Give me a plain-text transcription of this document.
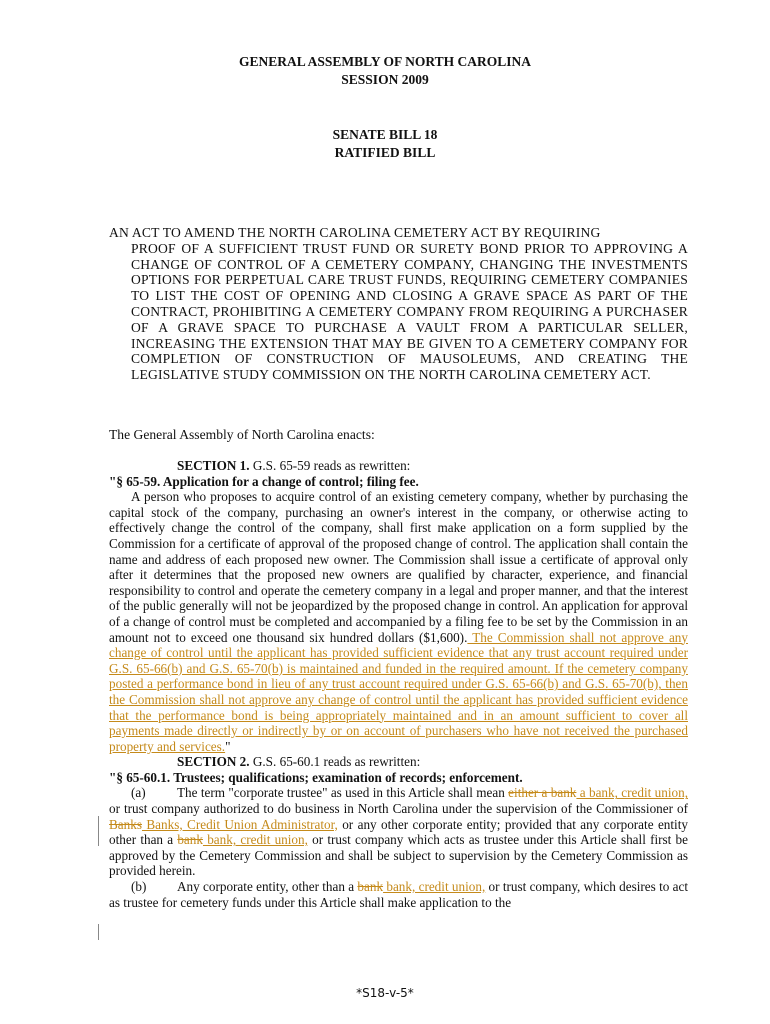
GENERAL ASSEMBLY OF NORTH CAROLINA
SESSION 2009
SENATE BILL 18
RATIFIED BILL
AN ACT TO AMEND THE NORTH CAROLINA CEMETERY ACT BY REQUIRING
PROOF OF A SUFFICIENT TRUST FUND OR SURETY BOND PRIOR TO APPROVING A CHANGE OF CONTROL OF A CEMETERY COMPANY, CHANGING THE INVESTMENTS OPTIONS FOR PERPETUAL CARE TRUST FUNDS, REQUIRING CEMETERY COMPANIES TO LIST THE COST OF OPENING AND CLOSING A GRAVE SPACE AS PART OF THE CONTRACT, PROHIBITING A CEMETERY COMPANY FROM REQUIRING A PURCHASER OF A GRAVE SPACE TO PURCHASE A VAULT FROM A PARTICULAR SELLER, INCREASING THE EXTENSION THAT MAY BE GIVEN TO A CEMETERY COMPANY FOR COMPLETION OF CONSTRUCTION OF MAUSOLEUMS, AND CREATING THE LEGISLATIVE STUDY COMMISSION ON THE NORTH CAROLINA CEMETERY ACT.
The General Assembly of North Carolina enacts:
SECTION 1. G.S. 65-59 reads as rewritten:
"§ 65-59. Application for a change of control; filing fee.
A person who proposes to acquire control of an existing cemetery company, whether by purchasing the capital stock of the company, purchasing an owner's interest in the company, or otherwise acting to effectively change the control of the company, shall first make application on a form supplied by the Commission for a certificate of approval of the proposed change of control. The application shall contain the name and address of each proposed new owner. The Commission shall issue a certificate of approval only after it determines that the proposed new owners are qualified by character, experience, and financial responsibility to control and operate the cemetery company in a legal and proper manner, and that the interest of the public generally will not be jeopardized by the proposed change in control. An application for approval of a change of control must be completed and accompanied by a filing fee to be set by the Commission in an amount not to exceed one thousand six hundred dollars ($1,600). The Commission shall not approve any change of control until the applicant has provided sufficient evidence that any trust account required under G.S. 65-66(b) and G.S. 65-70(b) is maintained and funded in the required amount. If the cemetery company posted a performance bond in lieu of any trust account required under G.S. 65-66(b) and G.S. 65-70(b), then the Commission shall not approve any change of control until the applicant has provided sufficient evidence that the performance bond is being appropriately maintained and in an amount sufficient to cover all payments made directly or indirectly by or on account of purchasers who have not received the purchased property and services."
SECTION 2. G.S. 65-60.1 reads as rewritten:
"§ 65-60.1. Trustees; qualifications; examination of records; enforcement.
(a) The term "corporate trustee" as used in this Article shall mean either a bank a bank, credit union, or trust company authorized to do business in North Carolina under the supervision of the Commissioner of Banks Banks, Credit Union Administrator, or any other corporate entity; provided that any corporate entity other than a bank bank, credit union, or trust company which acts as trustee under this Article shall first be approved by the Cemetery Commission and shall be subject to supervision by the Cemetery Commission as provided herein.
(b) Any corporate entity, other than a bank bank, credit union, or trust company, which desires to act as trustee for cemetery funds under this Article shall make application to the
*S18-v-5*
